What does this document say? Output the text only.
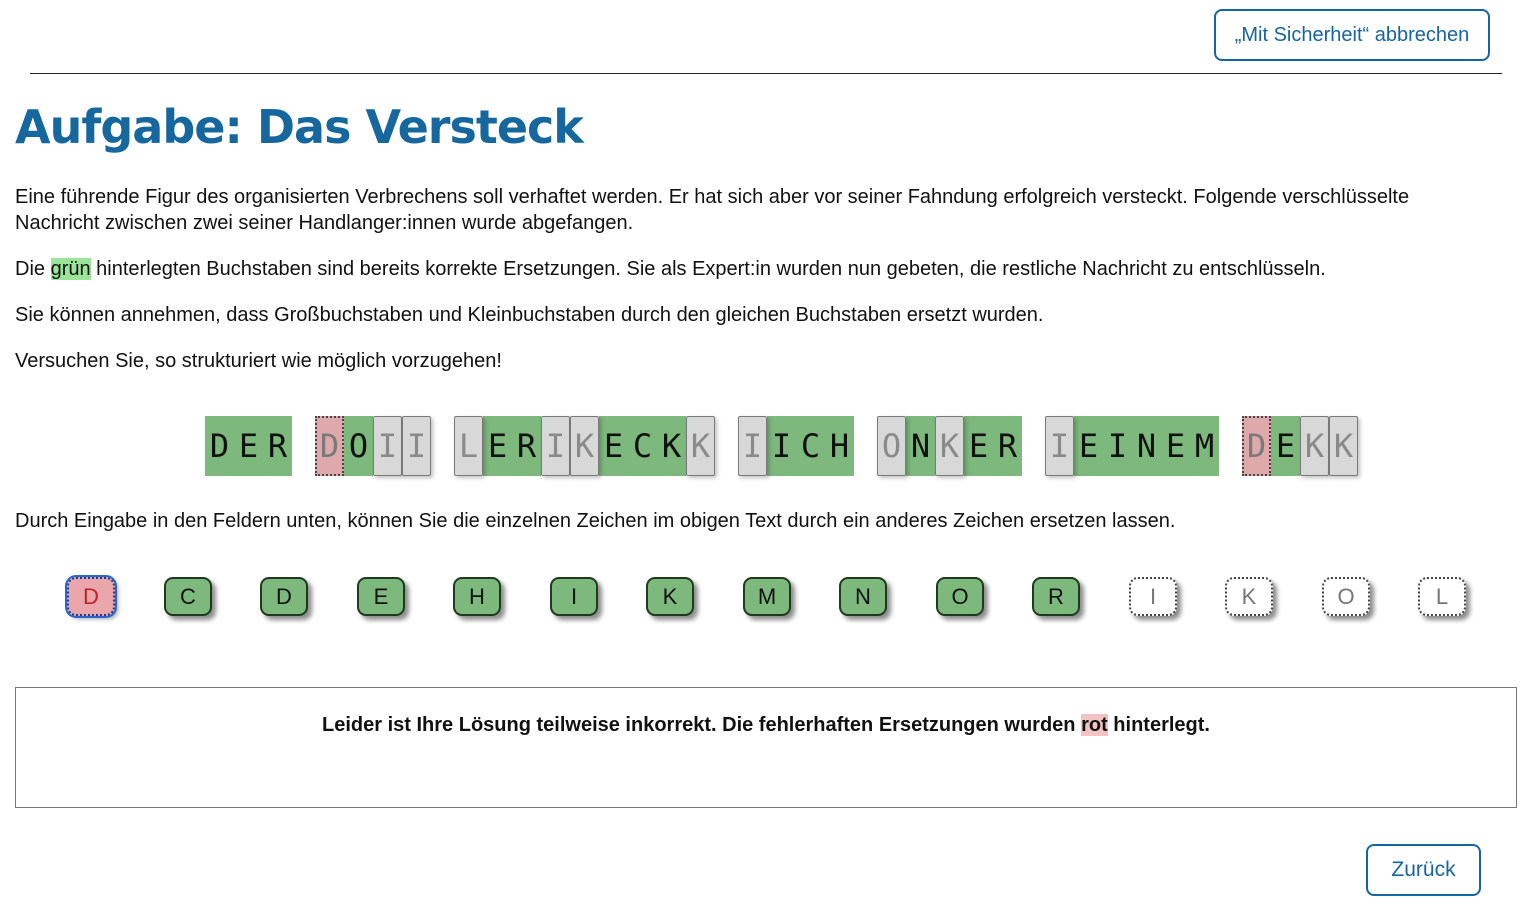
„Mit Sicherheit“ abbrechen
Aufgabe: Das Versteck

Eine führende Figur des organisierten Verbrechens soll verhaftet werden. Er hat sich aber vor seiner Fahndung erfolgreich versteckt. Folgende verschlüsselte Nachricht zwischen zwei seiner Handlanger:innen wurde abgefangen.

Die grün hinterlegten Buchstaben sind bereits korrekte Ersetzungen. Sie als Expert:in wurden nun gebeten, die restliche Nachricht zu entschlüsseln.

Sie können annehmen, dass Großbuchstaben und Kleinbuchstaben durch den gleichen Buchstaben ersetzt wurden.

Versuchen Sie, so strukturiert wie möglich vorzugehen!

D E R D O I I L E R I K E C K K I I C H O N K E R I E I N E M D E K K

Durch Eingabe in den Feldern unten, können Sie die einzelnen Zeichen im obigen Text durch ein anderes Zeichen ersetzen lassen.

D	C	D	E	H	I	K	M	N	O	R	I	K	O	L
Leider ist Ihre Lösung teilweise inkorrekt. Die fehlerhaften Ersetzungen wurden rot hinterlegt.
Zurück
